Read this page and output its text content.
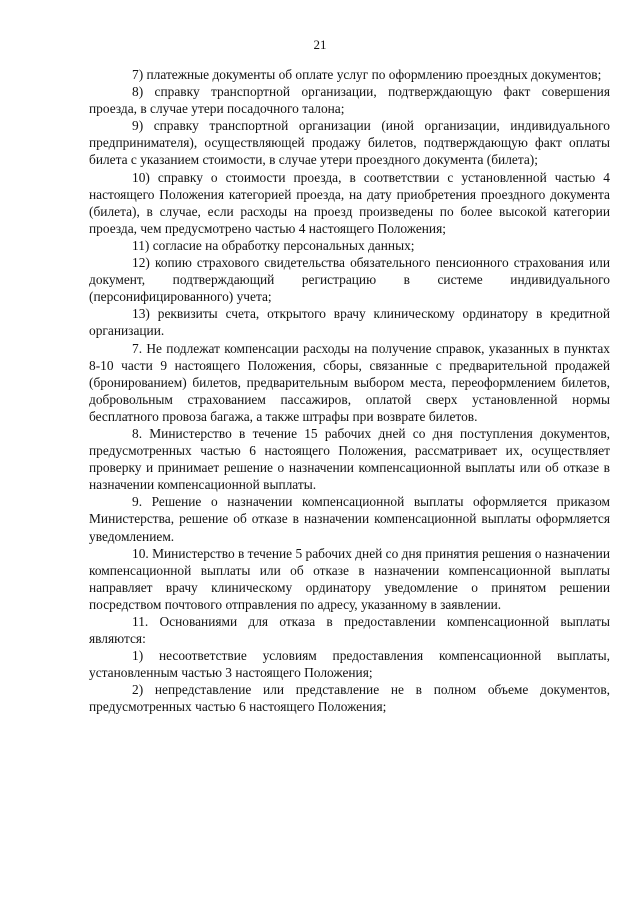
21

7) платежные документы об оплате услуг по оформлению проездных документов;

8) справку транспортной организации, подтверждающую факт совершения проезда, в случае утери посадочного талона;

9) справку транспортной организации (иной организации, индивидуального предпринимателя), осуществляющей продажу билетов, подтверждающую факт оплаты билета с указанием стоимости, в случае утери проездного документа (билета);

10) справку о стоимости проезда, в соответствии с установленной частью 4 настоящего Положения категорией проезда, на дату приобретения проездного документа (билета), в случае, если расходы на проезд произведены по более высокой категории проезда, чем предусмотрено частью 4 настоящего Положения;

11) согласие на обработку персональных данных;

12) копию страхового свидетельства обязательного пенсионного страхования или документ, подтверждающий регистрацию в системе индивидуального (персонифицированного) учета;

13) реквизиты счета, открытого врачу клиническому ординатору в кредитной организации.

7. Не подлежат компенсации расходы на получение справок, указанных в пунктах 8-10 части 9 настоящего Положения, сборы, связанные с предварительной продажей (бронированием) билетов, предварительным выбором места, переоформлением билетов, добровольным страхованием пассажиров, оплатой сверх установленной нормы бесплатного провоза багажа, а также штрафы при возврате билетов.

8. Министерство в течение 15 рабочих дней со дня поступления документов, предусмотренных частью 6 настоящего Положения, рассматривает их, осуществляет проверку и принимает решение о назначении компенсационной выплаты или об отказе в назначении компенсационной выплаты.

9. Решение о назначении компенсационной выплаты оформляется приказом Министерства, решение об отказе в назначении компенсационной выплаты оформляется уведомлением.

10. Министерство в течение 5 рабочих дней со дня принятия решения о назначении компенсационной выплаты или об отказе в назначении компенсационной выплаты направляет врачу клиническому ординатору уведомление о принятом решении посредством почтового отправления по адресу, указанному в заявлении.

11. Основаниями для отказа в предоставлении компенсационной выплаты являются:

1) несоответствие условиям предоставления компенсационной выплаты, установленным частью 3 настоящего Положения;

2) непредставление или представление не в полном объеме документов, предусмотренных частью 6 настоящего Положения;
